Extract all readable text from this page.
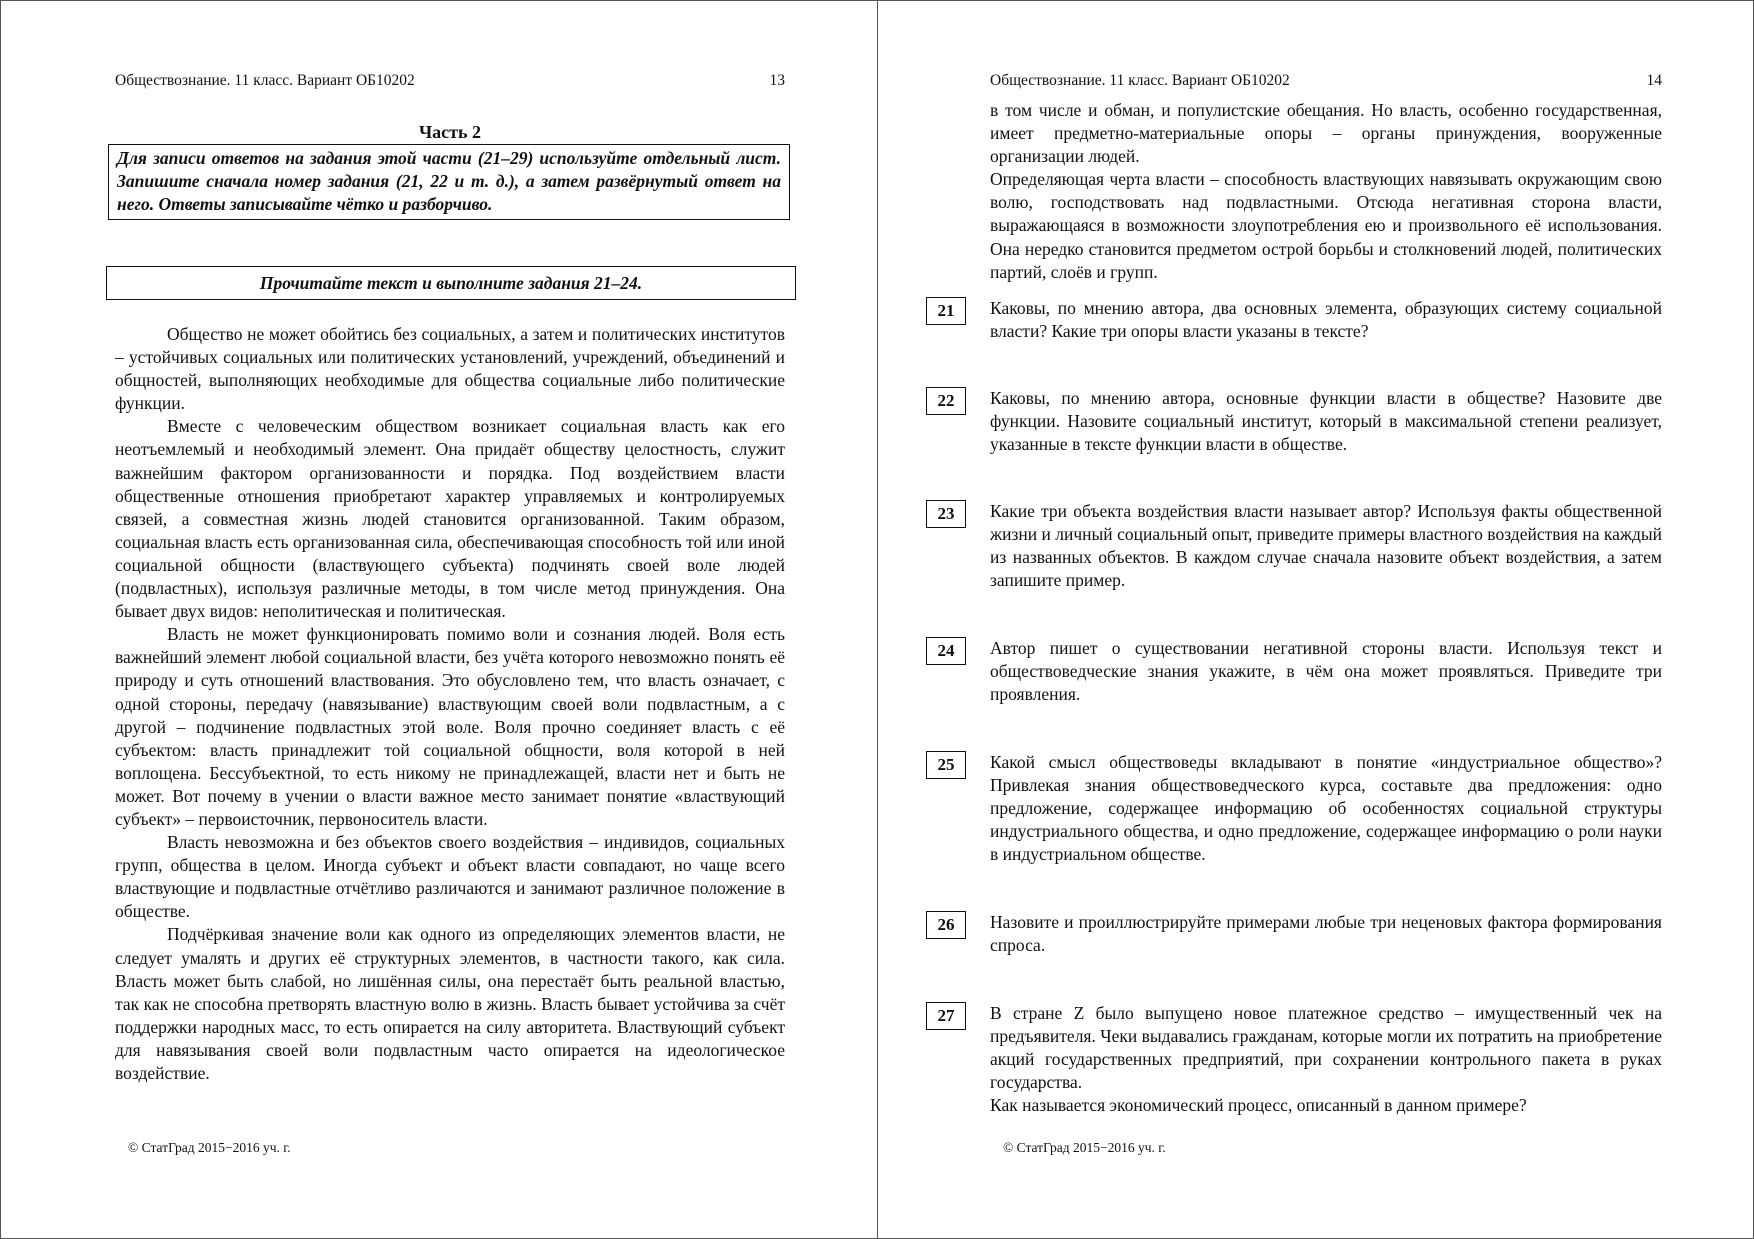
Обществознание. 11 класс. Вариант ОБ10202	13
Часть 2
Для записи ответов на задания этой части (21–29) используйте отдельный лист. Запишите сначала номер задания (21, 22 и т. д.), а затем развёрнутый ответ на него. Ответы записывайте чётко и разборчиво.
Прочитайте текст и выполните задания 21–24.

Общество не может обойтись без социальных, а затем и политических институтов – устойчивых социальных или политических установлений, учреждений, объединений и общностей, выполняющих необходимые для общества социальные либо политические функции.

Вместе с человеческим обществом возникает социальная власть как его неотъемлемый и необходимый элемент. Она придаёт обществу целостность, служит важнейшим фактором организованности и порядка. Под воздействием власти общественные отношения приобретают характер управляемых и контролируемых связей, а совместная жизнь людей становится организованной. Таким образом, социальная власть есть организованная сила, обеспечивающая способность той или иной социальной общности (властвующего субъекта) подчинять своей воле людей (подвластных), используя различные методы, в том числе метод принуждения. Она бывает двух видов: неполитическая и политическая.

Власть не может функционировать помимо воли и сознания людей. Воля есть важнейший элемент любой социальной власти, без учёта которого невозможно понять её природу и суть отношений властвования. Это обусловлено тем, что власть означает, с одной стороны, передачу (навязывание) властвующим своей воли подвластным, а с другой – подчинение подвластных этой воле. Воля прочно соединяет власть с её субъектом: власть принадлежит той социальной общности, воля которой в ней воплощена. Бессубъектной, то есть никому не принадлежащей, власти нет и быть не может. Вот почему в учении о власти важное место занимает понятие «властвующий субъект» – первоисточник, первоноситель власти.

Власть невозможна и без объектов своего воздействия – индивидов, социальных групп, общества в целом. Иногда субъект и объект власти совпадают, но чаще всего властвующие и подвластные отчётливо различаются и занимают различное положение в обществе.

Подчёркивая значение воли как одного из определяющих элементов власти, не следует умалять и других её структурных элементов, в частности такого, как сила. Власть может быть слабой, но лишённая силы, она перестаёт быть реальной властью, так как не способна претворять властную волю в жизнь. Власть бывает устойчива за счёт поддержки народных масс, то есть опирается на силу авторитета. Властвующий субъект для навязывания своей воли подвластным часто опирается на идеологическое воздействие.

© СтатГрад 2015−2016 уч. г.
Обществознание. 11 класс. Вариант ОБ10202	14

в том числе и обман, и популистские обещания. Но власть, особенно государственная, имеет предметно-материальные опоры – органы принуждения, вооруженные организации людей.

Определяющая черта власти – способность властвующих навязывать окружающим свою волю, господствовать над подвластными. Отсюда негативная сторона власти, выражающаяся в возможности злоупотребления ею и произвольного её использования. Она нередко становится предметом острой борьбы и столкновений людей, политических партий, слоёв и групп.

21	Каковы, по мнению автора, два основных элемента, образующих систему социальной власти? Какие три опоры власти указаны в тексте?

22	Каковы, по мнению автора, основные функции власти в обществе? Назовите две функции. Назовите социальный институт, который в максимальной степени реализует, указанные в тексте функции власти в обществе.

23	Какие три объекта воздействия власти называет автор? Используя факты общественной жизни и личный социальный опыт, приведите примеры властного воздействия на каждый из названных объектов. В каждом случае сначала назовите объект воздействия, а затем запишите пример.

24	Автор пишет о существовании негативной стороны власти. Используя текст и обществоведческие знания укажите, в чём она может проявляться. Приведите три проявления.

25	Какой смысл обществоведы вкладывают в понятие «индустриальное общество»? Привлекая знания обществоведческого курса, составьте два предложения: одно предложение, содержащее информацию об особенностях социальной структуры индустриального общества, и одно предложение, содержащее информацию о роли науки в индустриальном обществе.

26	Назовите и проиллюстрируйте примерами любые три неценовых фактора формирования спроса.

27	В стране Z было выпущено новое платежное средство – имущественный чек на предъявителя. Чеки выдавались гражданам, которые могли их потратить на приобретение акций государственных предприятий, при сохранении контрольного пакета в руках государства.

Как называется экономический процесс, описанный в данном примере?

© СтатГрад 2015−2016 уч. г.
